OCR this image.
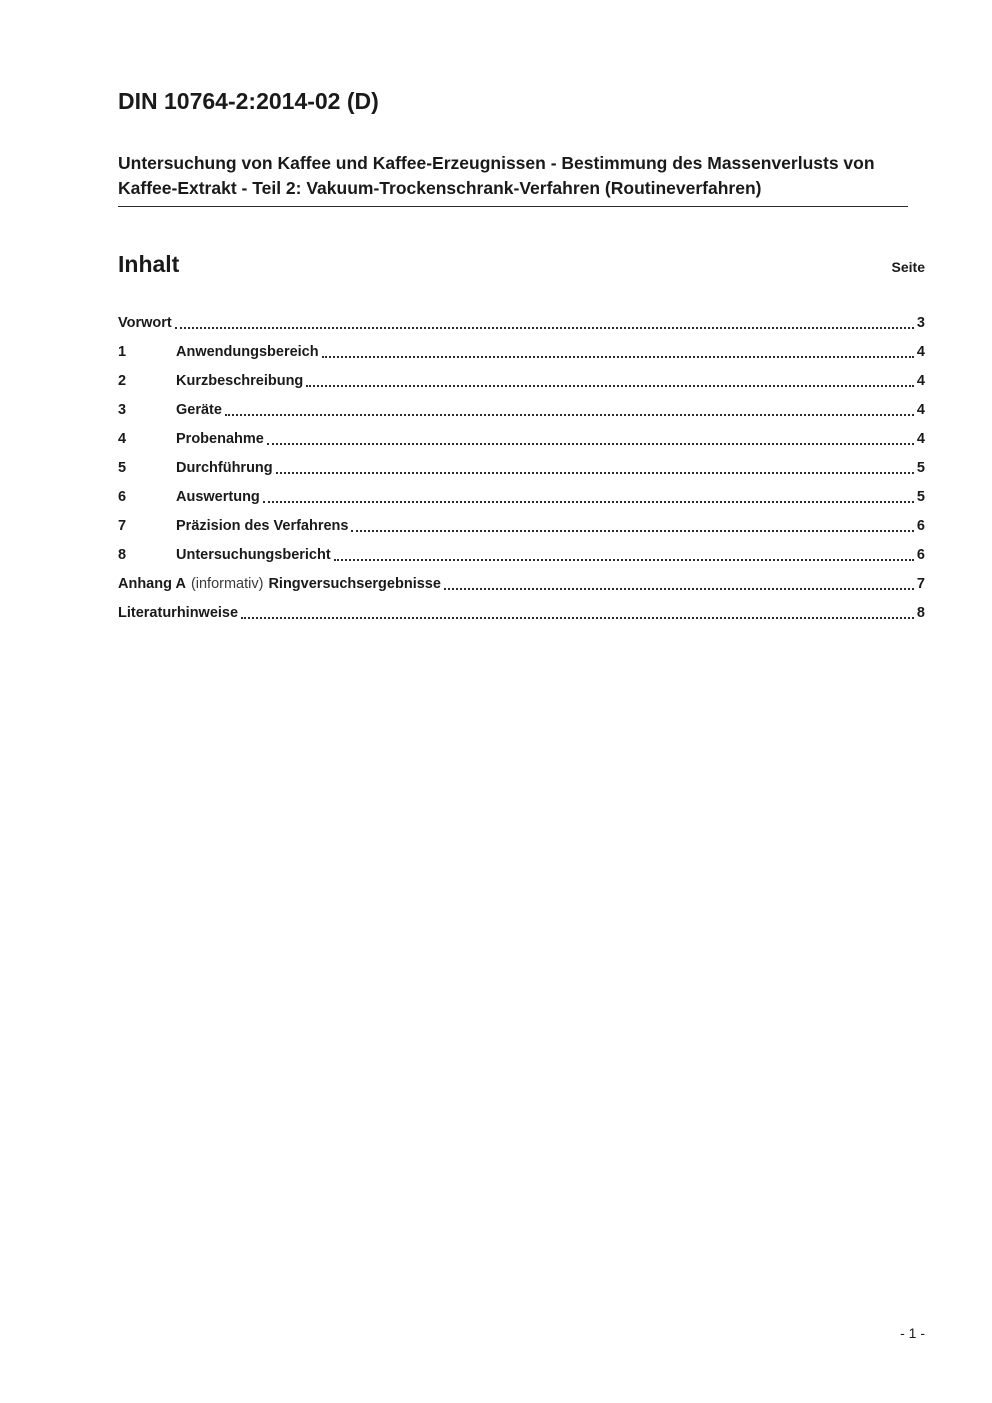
DIN 10764-2:2014-02 (D)
Untersuchung von Kaffee und Kaffee-Erzeugnissen - Bestimmung des Massenverlusts von Kaffee-Extrakt - Teil 2: Vakuum-Trockenschrank-Verfahren (Routineverfahren)
Inhalt	Seite
Vorwort	3
1	Anwendungsbereich	4
2	Kurzbeschreibung	4
3	Geräte	4
4	Probenahme	4
5	Durchführung	5
6	Auswertung	5
7	Präzision des Verfahrens	6
8	Untersuchungsbericht	6
Anhang A (informativ) Ringversuchsergebnisse	7
Literaturhinweise	8
- 1 -
